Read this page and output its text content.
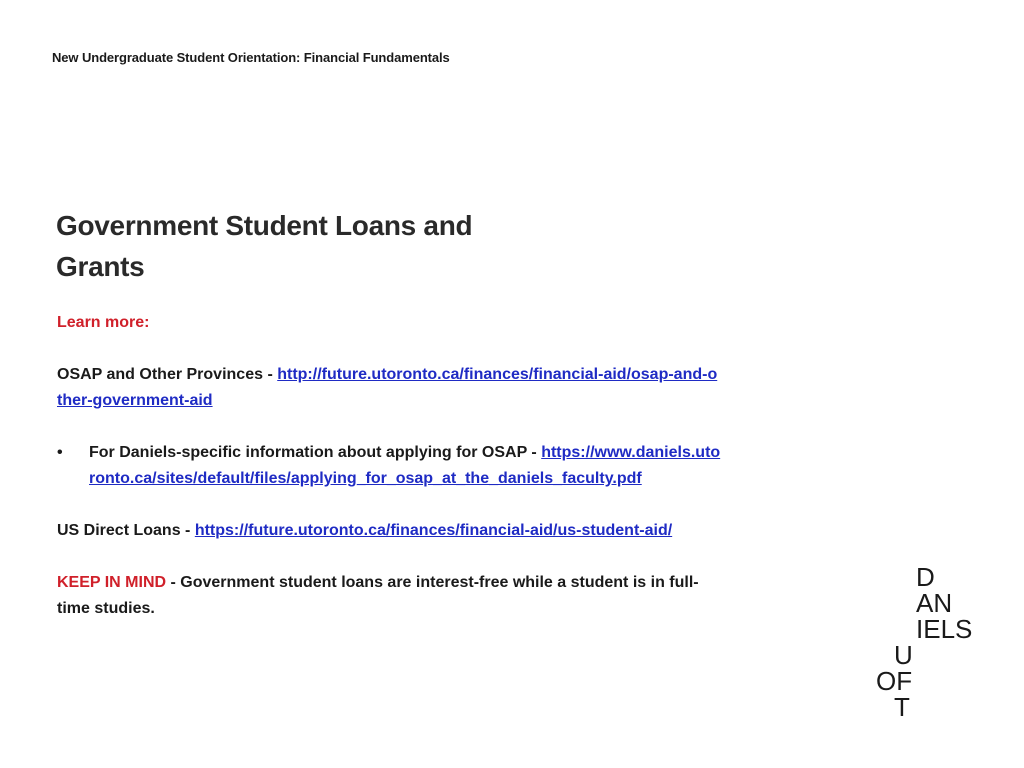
New Undergraduate Student Orientation: Financial Fundamentals
Government Student Loans and Grants

Learn more:

OSAP and Other Provinces - http://future.utoronto.ca/finances/financial-aid/osap-and-other-government-aid

•	For Daniels-specific information about applying for OSAP - https://www.daniels.utoronto.ca/sites/default/files/applying_for_osap_at_the_daniels_faculty.pdf

US Direct Loans - https://future.utoronto.ca/finances/financial-aid/us-student-aid/

KEEP IN MIND - Government student loans are interest-free while a student is in full-time studies.

D
AN
IELS
U
OF
T
